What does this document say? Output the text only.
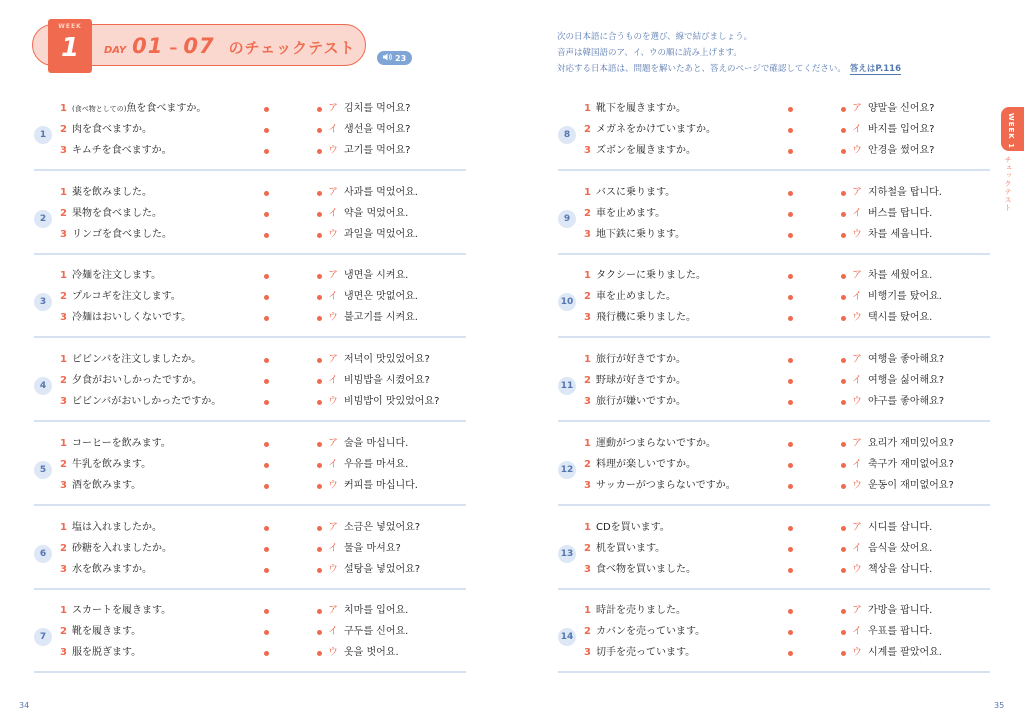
WEEK
1	DAY 01 – 07 のチェックテスト
23
次の日本語に合うものを選び、線で結びましょう。
音声は韓国語のア、イ、ウの順に読み上げます。
対応する日本語は、問題を解いたあと、答えのページで確認してください。 答えはP.116
WEEK 1
チェックテスト
1
1 (食べ物としての)魚を食べますか。	ア 김치를 먹어요?
2 肉を食べますか。	イ 생선을 먹어요?
3 キムチを食べますか。	ウ 고기를 먹어요?
2
1 薬を飲みました。	ア 사과를 먹었어요.
2 果物を食べました。	イ 약을 먹었어요.
3 リンゴを食べました。	ウ 과일을 먹었어요.
3
1 冷麺を注文します。	ア 냉면을 시켜요.
2 プルコギを注文します。	イ 냉면은 맛없어요.
3 冷麺はおいしくないです。	ウ 불고기를 시켜요.
4
1 ビビンバを注文しましたか。	ア 저녁이 맛있었어요?
2 夕食がおいしかったですか。	イ 비빔밥을 시켰어요?
3 ビビンバがおいしかったですか。	ウ 비빔밥이 맛있었어요?
5
1 コーヒーを飲みます。	ア 술을 마십니다.
2 牛乳を飲みます。	イ 우유를 마셔요.
3 酒を飲みます。	ウ 커피를 마십니다.
6
1 塩は入れましたか。	ア 소금은 넣었어요?
2 砂糖を入れましたか。	イ 물을 마셔요?
3 水を飲みますか。	ウ 설탕을 넣었어요?
7
1 スカートを履きます。	ア 치마를 입어요.
2 靴を履きます。	イ 구두를 신어요.
3 服を脱ぎます。	ウ 옷을 벗어요.
8
1 靴下を履きますか。	ア 양말을 신어요?
2 メガネをかけていますか。	イ 바지를 입어요?
3 ズボンを履きますか。	ウ 안경을 썼어요?
9
1 バスに乗ります。	ア 지하철을 탑니다.
2 車を止めます。	イ 버스를 탑니다.
3 地下鉄に乗ります。	ウ 차를 세웁니다.
10
1 タクシーに乗りました。	ア 차를 세웠어요.
2 車を止めました。	イ 비행기를 탔어요.
3 飛行機に乗りました。	ウ 택시를 탔어요.
11
1 旅行が好きですか。	ア 여행을 좋아해요?
2 野球が好きですか。	イ 여행을 싫어해요?
3 旅行が嫌いですか。	ウ 야구를 좋아해요?
12
1 運動がつまらないですか。	ア 요리가 재미있어요?
2 料理が楽しいですか。	イ 축구가 재미없어요?
3 サッカーがつまらないですか。	ウ 운동이 재미없어요?
13
1 CDを買います。	ア 시디를 삽니다.
2 机を買います。	イ 음식을 샀어요.
3 食べ物を買いました。	ウ 책상을 삽니다.
14
1 時計を売りました。	ア 가방을 팝니다.
2 カバンを売っています。	イ 우표를 팝니다.
3 切手を売っています。	ウ 시계를 팔았어요.
34	35
